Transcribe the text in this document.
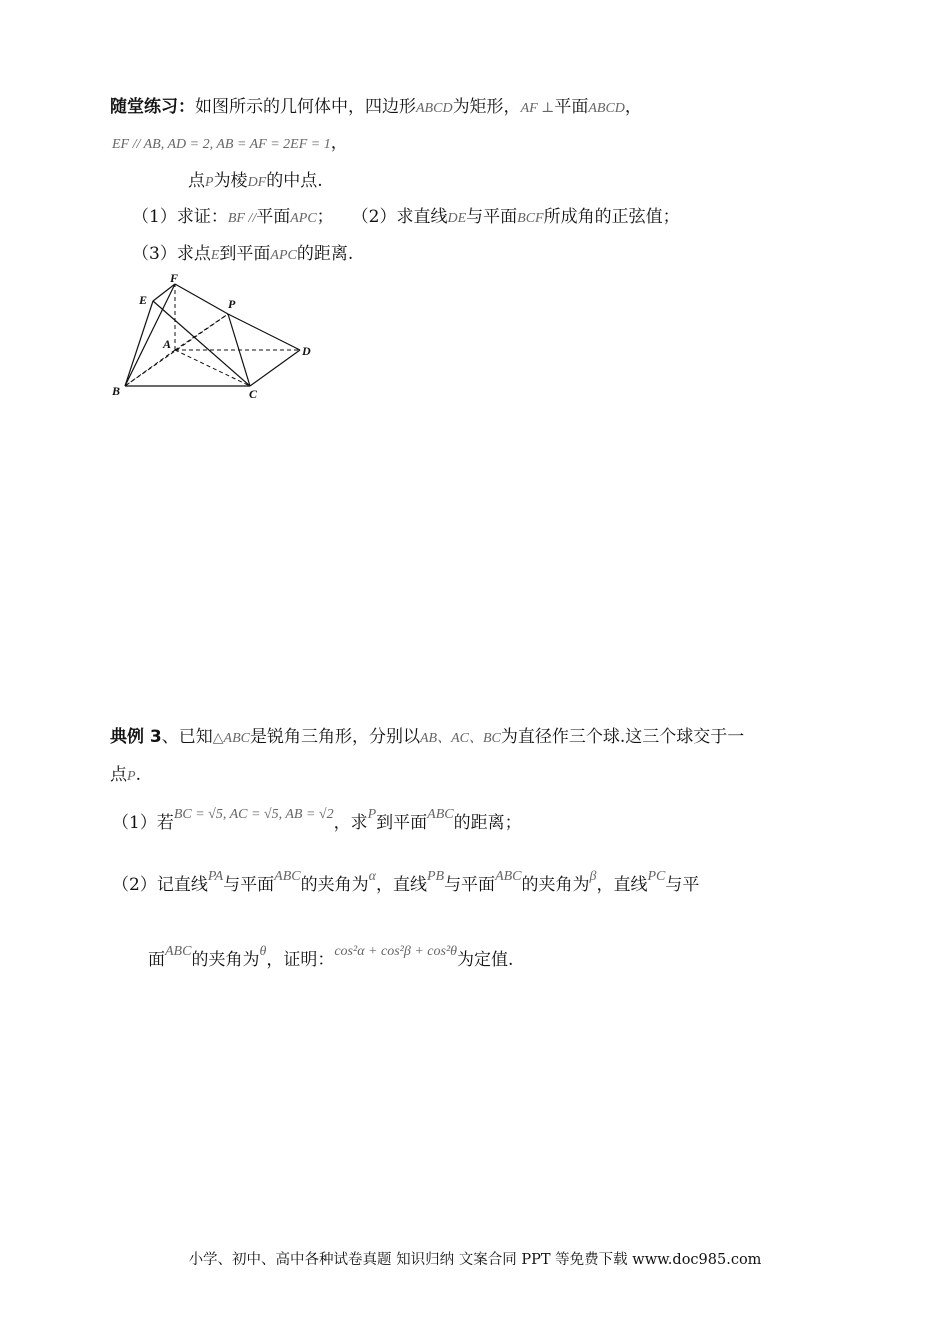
随堂练习：如图所示的几何体中，四边形ABCD为矩形，AF ⊥平面ABCD，
EF // AB, AD = 2, AB = AF = 2EF = 1，
点P为棱DF的中点.
（1）求证：BF //平面APC； （2）求直线DE与平面BCF所成角的正弦值；
（3）求点E到平面APC的距离.
F
E	P
A	D
B	C
典例 3、已知△ABC是锐角三角形，分别以AB、AC、BC为直径作三个球.这三个球交于一
点P.
（1）若$^{BC = √5, AC = √5, AB = √2}$，求$^P$到平面$^{ABC}$的距离；
（2）记直线$^{PA}$与平面$^{ABC}$的夹角为$^\alpha$，直线$^{PB}$与平面$^{ABC}$的夹角为$^\beta$，直线$^{PC}$与平
面$^{ABC}$的夹角为$^\theta$，证明：$^{cos^2\alpha + cos^2\beta + cos^2\theta}$为定值.
小学、初中、高中各种试卷真题 知识归纳 文案合同 PPT 等免费下载 www.doc985.com
